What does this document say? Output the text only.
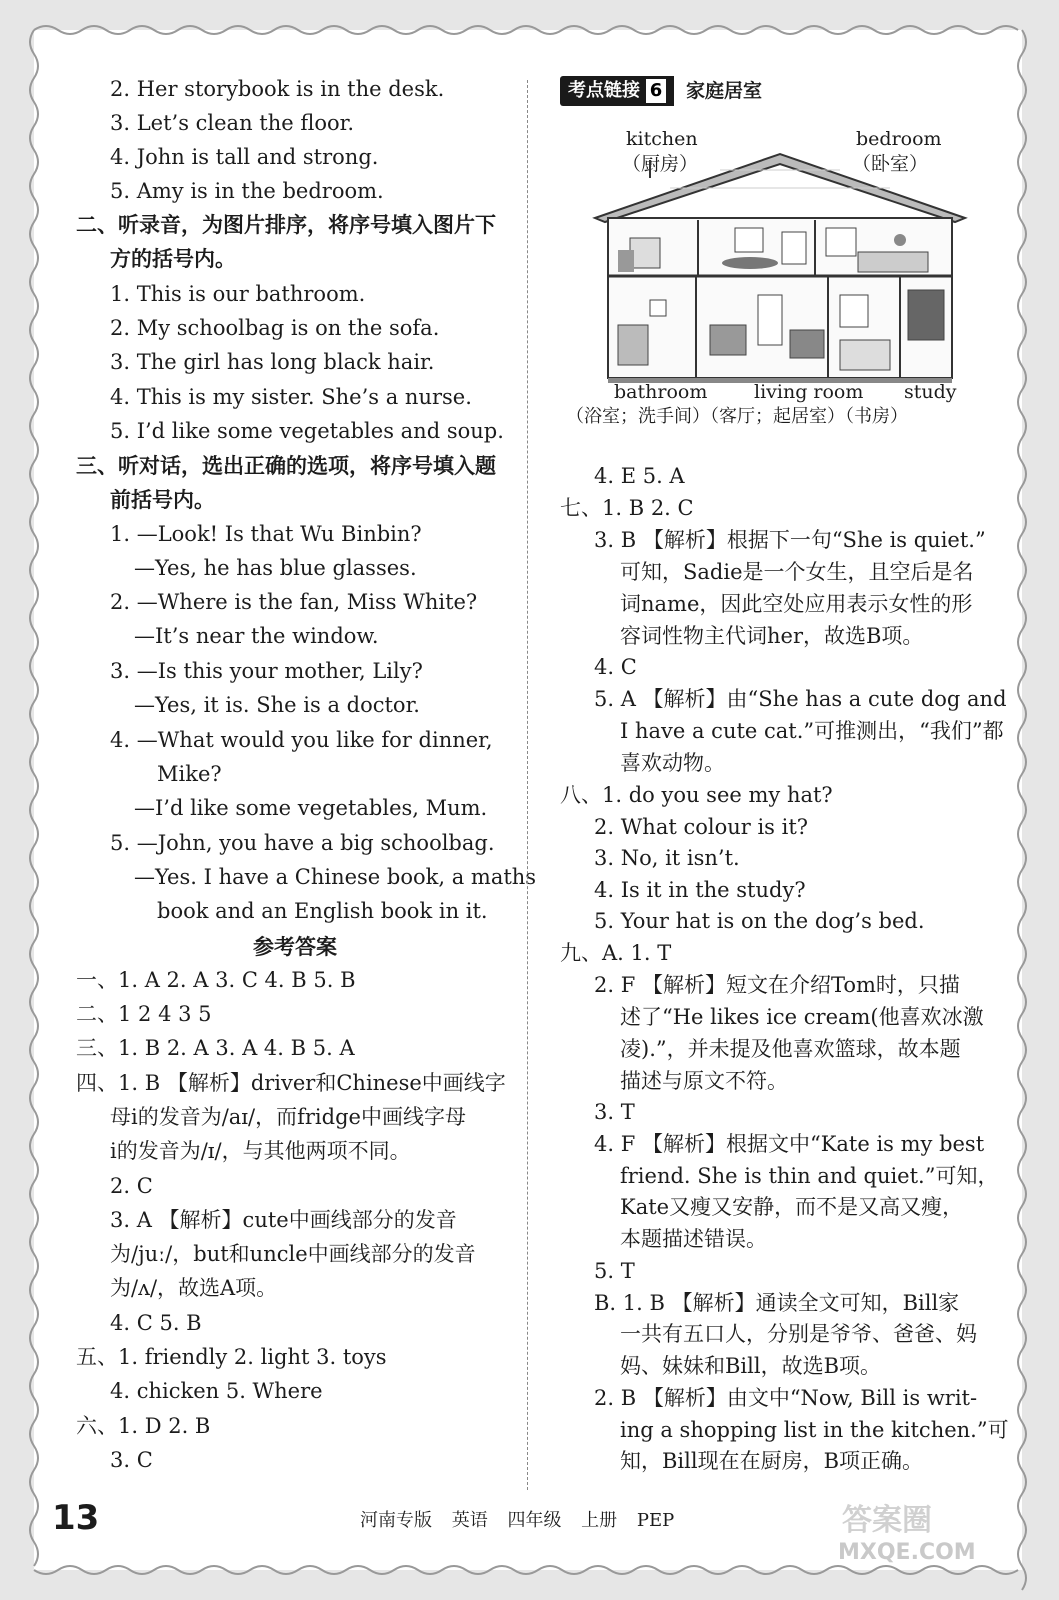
2. Her storybook is in the desk.
3. Let’s clean the floor.
4. John is tall and strong.
5. Amy is in the bedroom.
二、听录音，为图片排序，将序号填入图片下
方的括号内。
1. This is our bathroom.
2. My schoolbag is on the sofa.
3. The girl has long black hair.
4. This is my sister. She’s a nurse.
5. I’d like some vegetables and soup.
三、听对话，选出正确的选项，将序号填入题
前括号内。
1. —Look! Is that Wu Binbin?
—Yes, he has blue glasses.
2. —Where is the fan, Miss White?
—It’s near the window.
3. —Is this your mother, Lily?
—Yes, it is. She is a doctor.
4. —What would you like for dinner,
Mike?
—I’d like some vegetables, Mum.
5. —John, you have a big schoolbag.
—Yes. I have a Chinese book, a maths
book and an English book in it.
参考答案
一、1. A 2. A 3. C 4. B 5. B
二、1 2 4 3 5
三、1. B 2. A 3. A 4. B 5. A
四、1. B 【解析】driver和Chinese中画线字
母i的发音为/aɪ/，而fridge中画线字母
i的发音为/ɪ/，与其他两项不同。
2. C
3. A 【解析】cute中画线部分的发音
为/juː/，but和uncle中画线部分的发音
为/ʌ/，故选A项。
4. C 5. B
五、1. friendly 2. light 3. toys
4. chicken 5. Where
六、1. D 2. B
3. C
考点链接 6	家庭居室
kitchen
（厨房）
bedroom
（卧室）
bathroom living room study
（浴室；洗手间）（客厅；起居室）（书房）
4. E 5. A
七、1. B 2. C
3. B 【解析】根据下一句“She is quiet.”
可知，Sadie是一个女生，且空后是名
词name，因此空处应用表示女性的形
容词性物主代词her，故选B项。
4. C
5. A 【解析】由“She has a cute dog and
I have a cute cat.”可推测出，“我们”都
喜欢动物。
八、1. do you see my hat?
2. What colour is it?
3. No, it isn’t.
4. Is it in the study?
5. Your hat is on the dog’s bed.
九、A. 1. T
2. F 【解析】短文在介绍Tom时，只描
述了“He likes ice cream(他喜欢冰激
凌).”，并未提及他喜欢篮球，故本题
描述与原文不符。
3. T
4. F 【解析】根据文中“Kate is my best
friend. She is thin and quiet.”可知，
Kate又瘦又安静，而不是又高又瘦，
本题描述错误。
5. T
B. 1. B 【解析】通读全文可知，Bill家
一共有五口人，分别是爷爷、爸爸、妈
妈、妹妹和Bill，故选B项。
2. B 【解析】由文中“Now, Bill is writ-
ing a shopping list in the kitchen.”可
知，Bill现在在厨房，B项正确。
13	河南专版 英语 四年级 上册 PEP	答案圈
MXQE.COM
